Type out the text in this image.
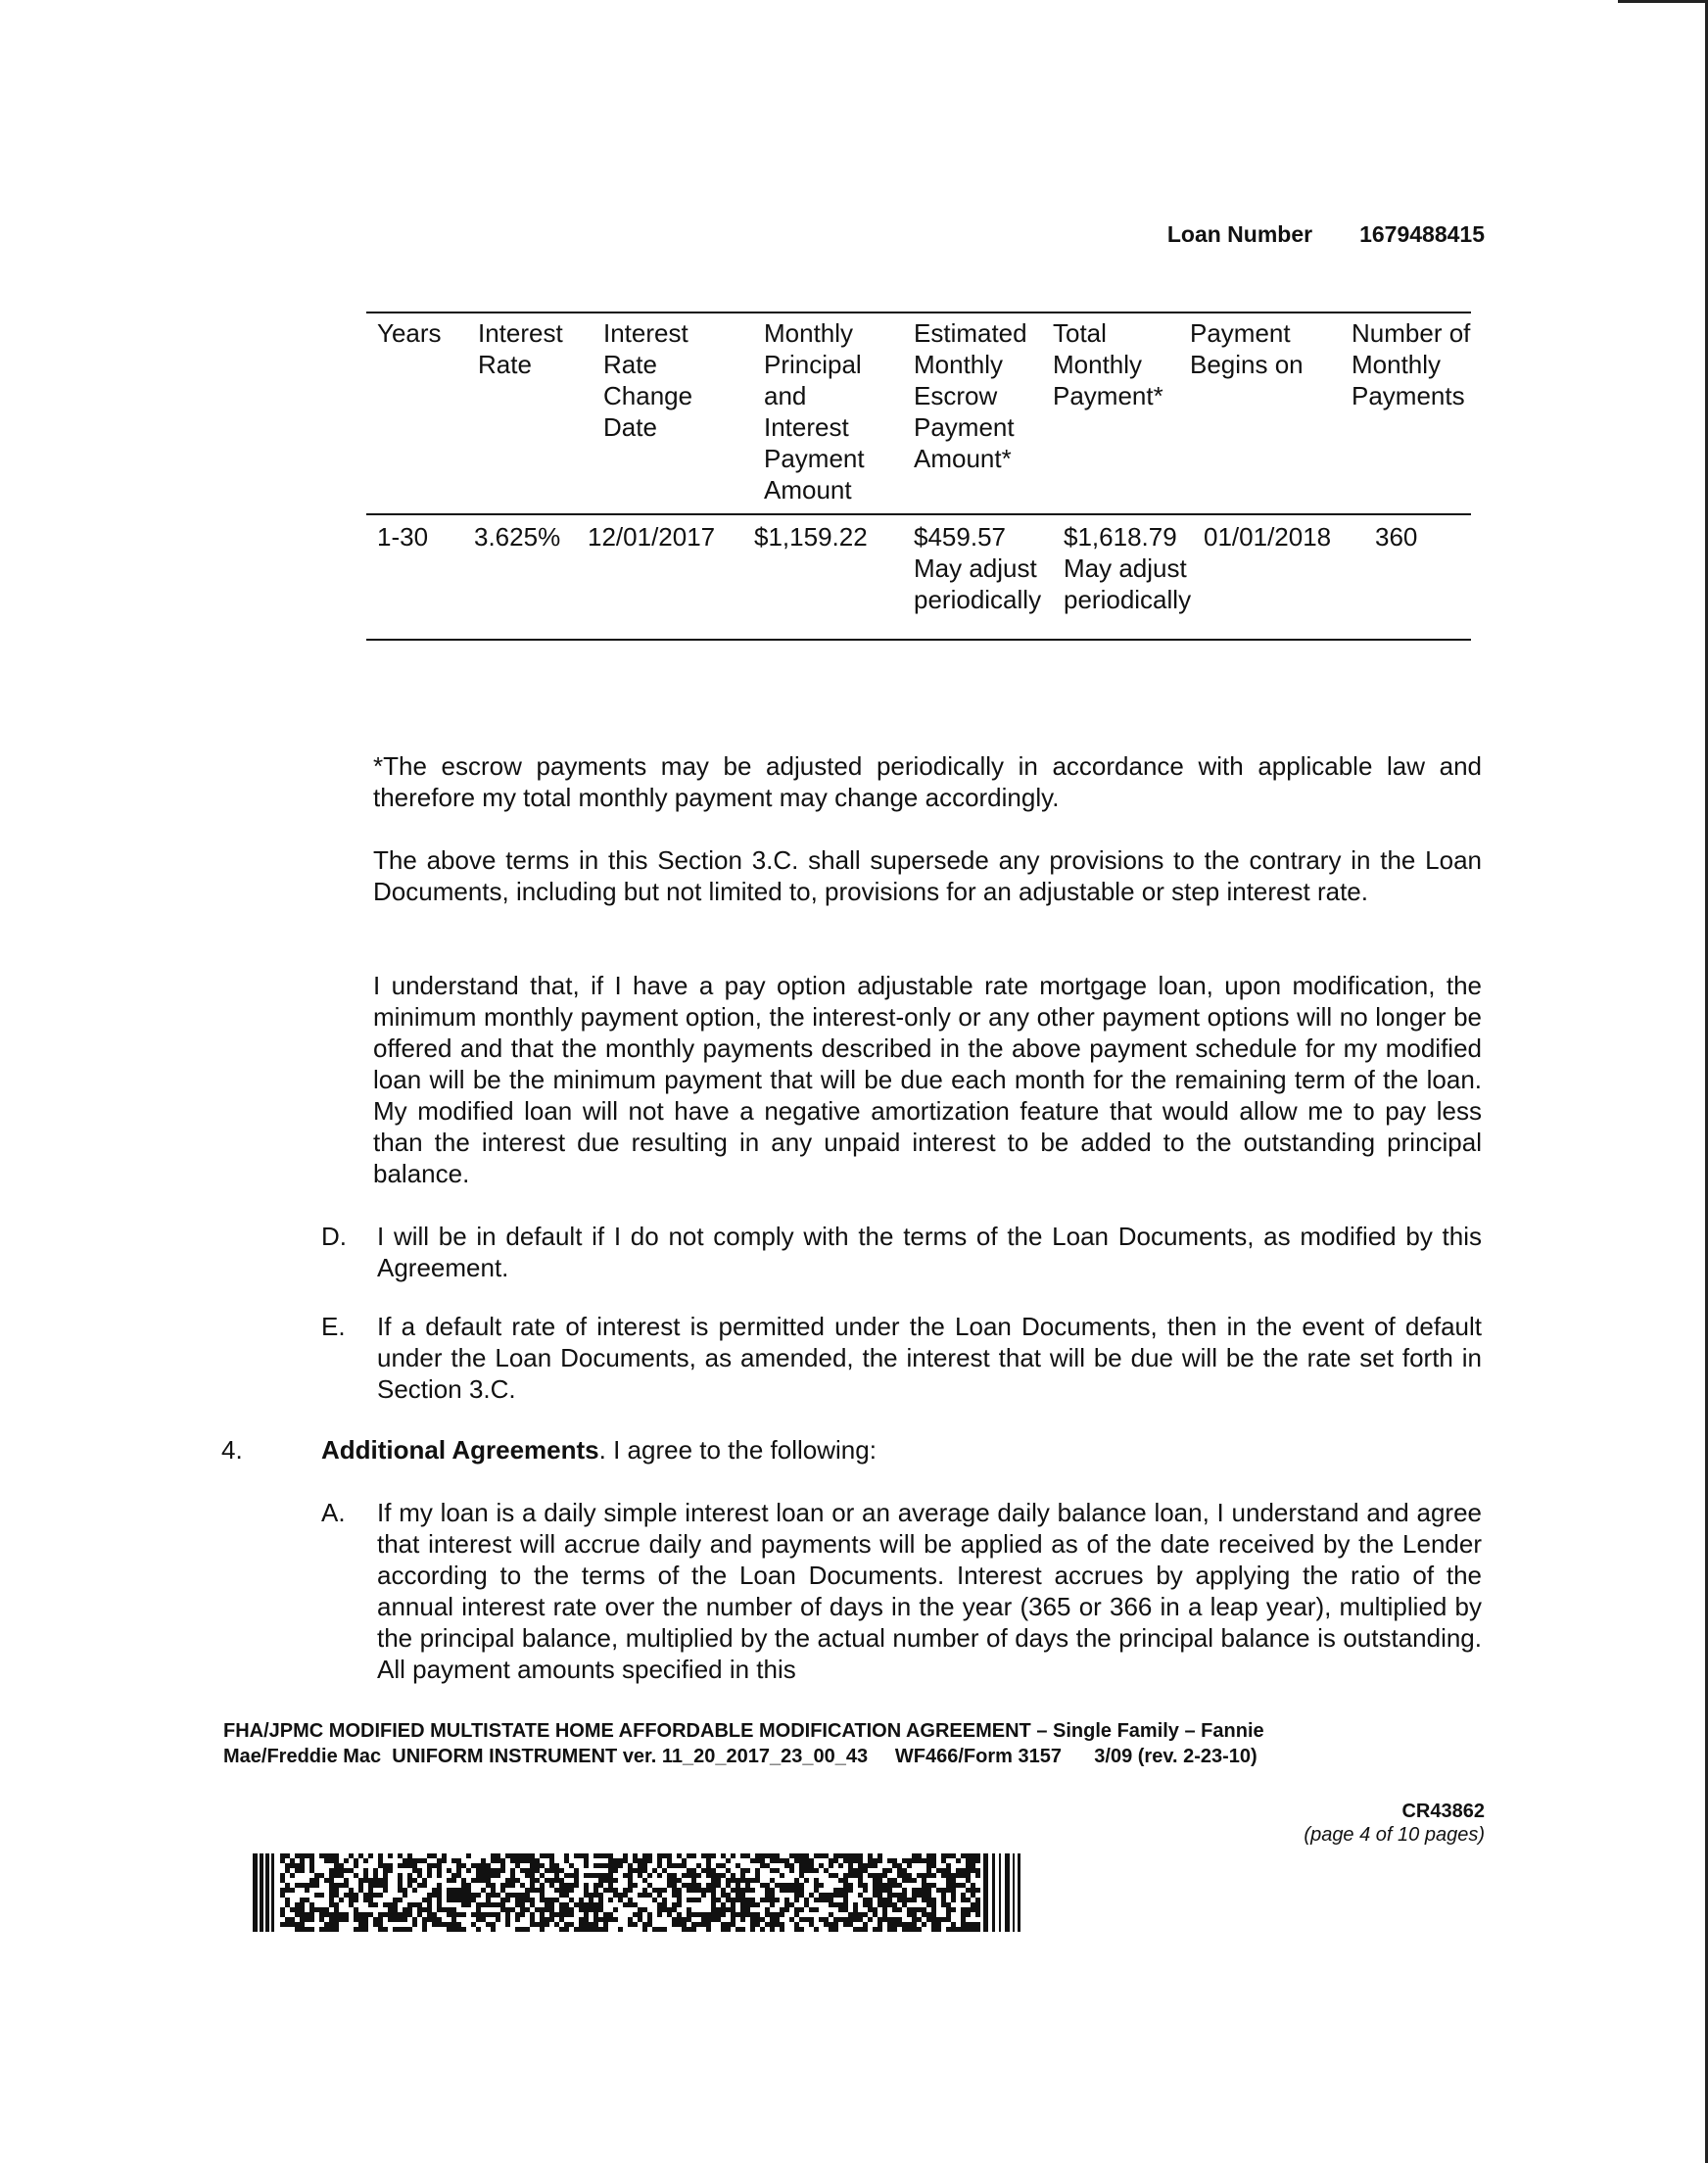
Loan Number 1679488415
Years Interest
Rate
Interest
Rate
Change
Date
Monthly
Principal
and
Interest
Payment
Amount
Estimated
Monthly
Escrow
Payment
Amount*
Total
Monthly
Payment*
Payment
Begins on
Number of
Monthly
Payments
1-30 3.625% 12/01/2017 $1,159.22 $459.57
May adjust
periodically
$1,618.79
May adjust
periodically
01/01/2018 360

*The escrow payments may be adjusted periodically in accordance with applicable law and therefore my total monthly payment may change accordingly.

The above terms in this Section 3.C. shall supersede any provisions to the contrary in the Loan Documents, including but not limited to, provisions for an adjustable or step interest rate.

I understand that, if I have a pay option adjustable rate mortgage loan, upon modification, the minimum monthly payment option, the interest-only or any other payment options will no longer be offered and that the monthly payments described in the above payment schedule for my modified loan will be the minimum payment that will be due each month for the remaining term of the loan. My modified loan will not have a negative amortization feature that would allow me to pay less than the interest due resulting in any unpaid interest to be added to the outstanding principal balance.

D. I will be in default if I do not comply with the terms of the Loan Documents, as modified by this Agreement.

E. If a default rate of interest is permitted under the Loan Documents, then in the event of default under the Loan Documents, as amended, the interest that will be due will be the rate set forth in Section 3.C.

4.	Additional Agreements. I agree to the following:
A. If my loan is a daily simple interest loan or an average daily balance loan, I understand and agree that interest will accrue daily and payments will be applied as of the date received by the Lender according to the terms of the Loan Documents. Interest accrues by applying the ratio of the annual interest rate over the number of days in the year (365 or 366 in a leap year), multiplied by the principal balance, multiplied by the actual number of days the principal balance is outstanding. All payment amounts specified in this

FHA/JPMC MODIFIED MULTISTATE HOME AFFORDABLE MODIFICATION AGREEMENT – Single Family – Fannie
Mae/Freddie Mac  UNIFORM INSTRUMENT ver. 11_20_2017_23_00_43     WF466/Form 3157      3/09 (rev. 2-23-10)
CR43862
(page 4 of 10 pages)
